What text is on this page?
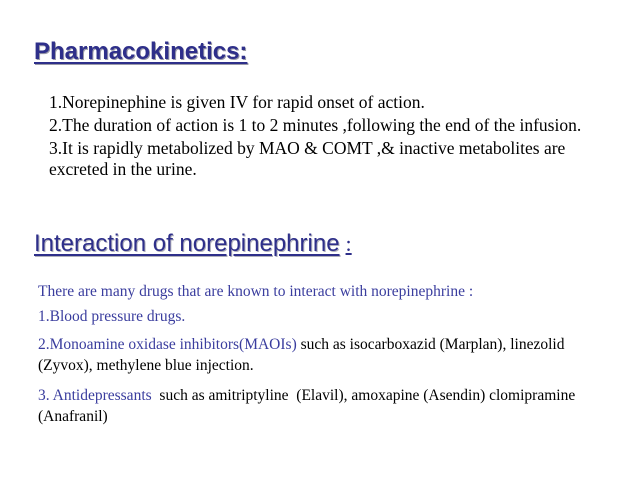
Pharmacokinetics:
1.Norepinephine is given IV for rapid onset of action.
2.The duration of action is 1 to 2 minutes ,following the end of the infusion.
3.It is rapidly metabolized by MAO & COMT ,& inactive metabolites are excreted in the urine.
Interaction of norepinephrine :

There are many drugs that are known to interact with norepinephrine :

1.Blood pressure drugs.

2.Monoamine oxidase inhibitors(MAOIs) such as isocarboxazid (Marplan), linezolid (Zyvox), methylene blue injection.

3. Antidepressants  such as amitriptyline  (Elavil), amoxapine (Asendin) clomipramine (Anafranil)
